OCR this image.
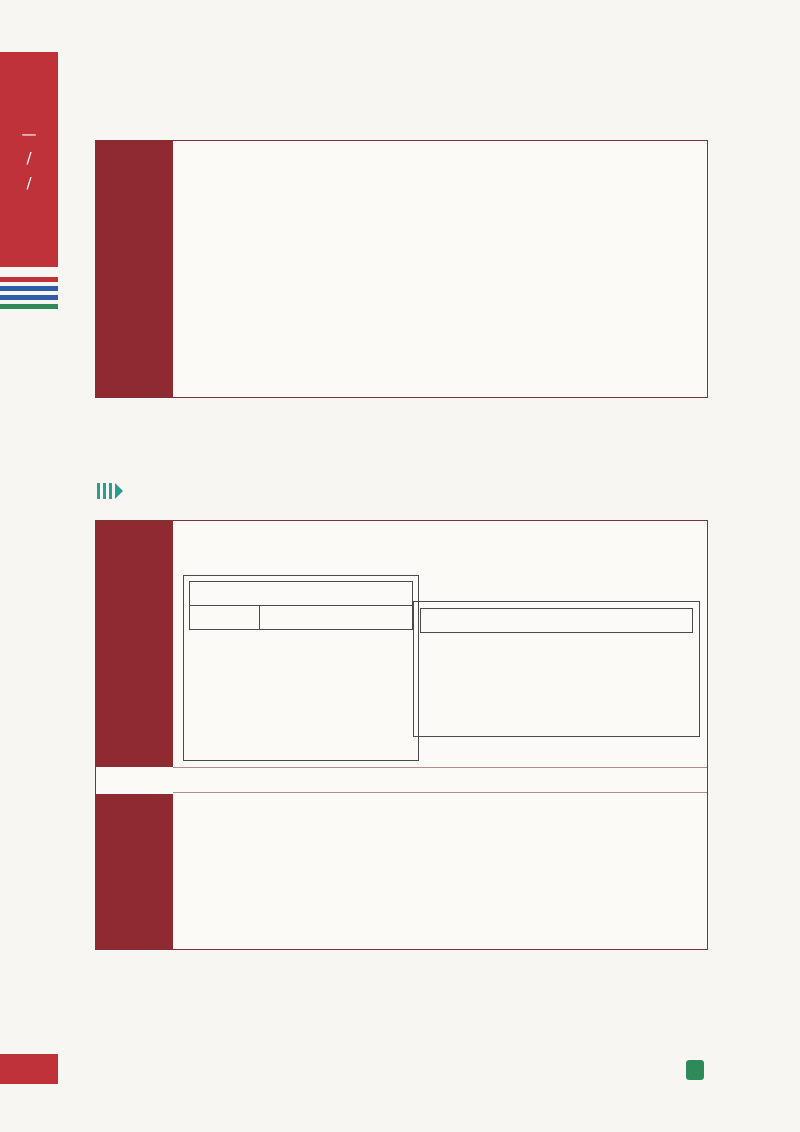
—
/
/
